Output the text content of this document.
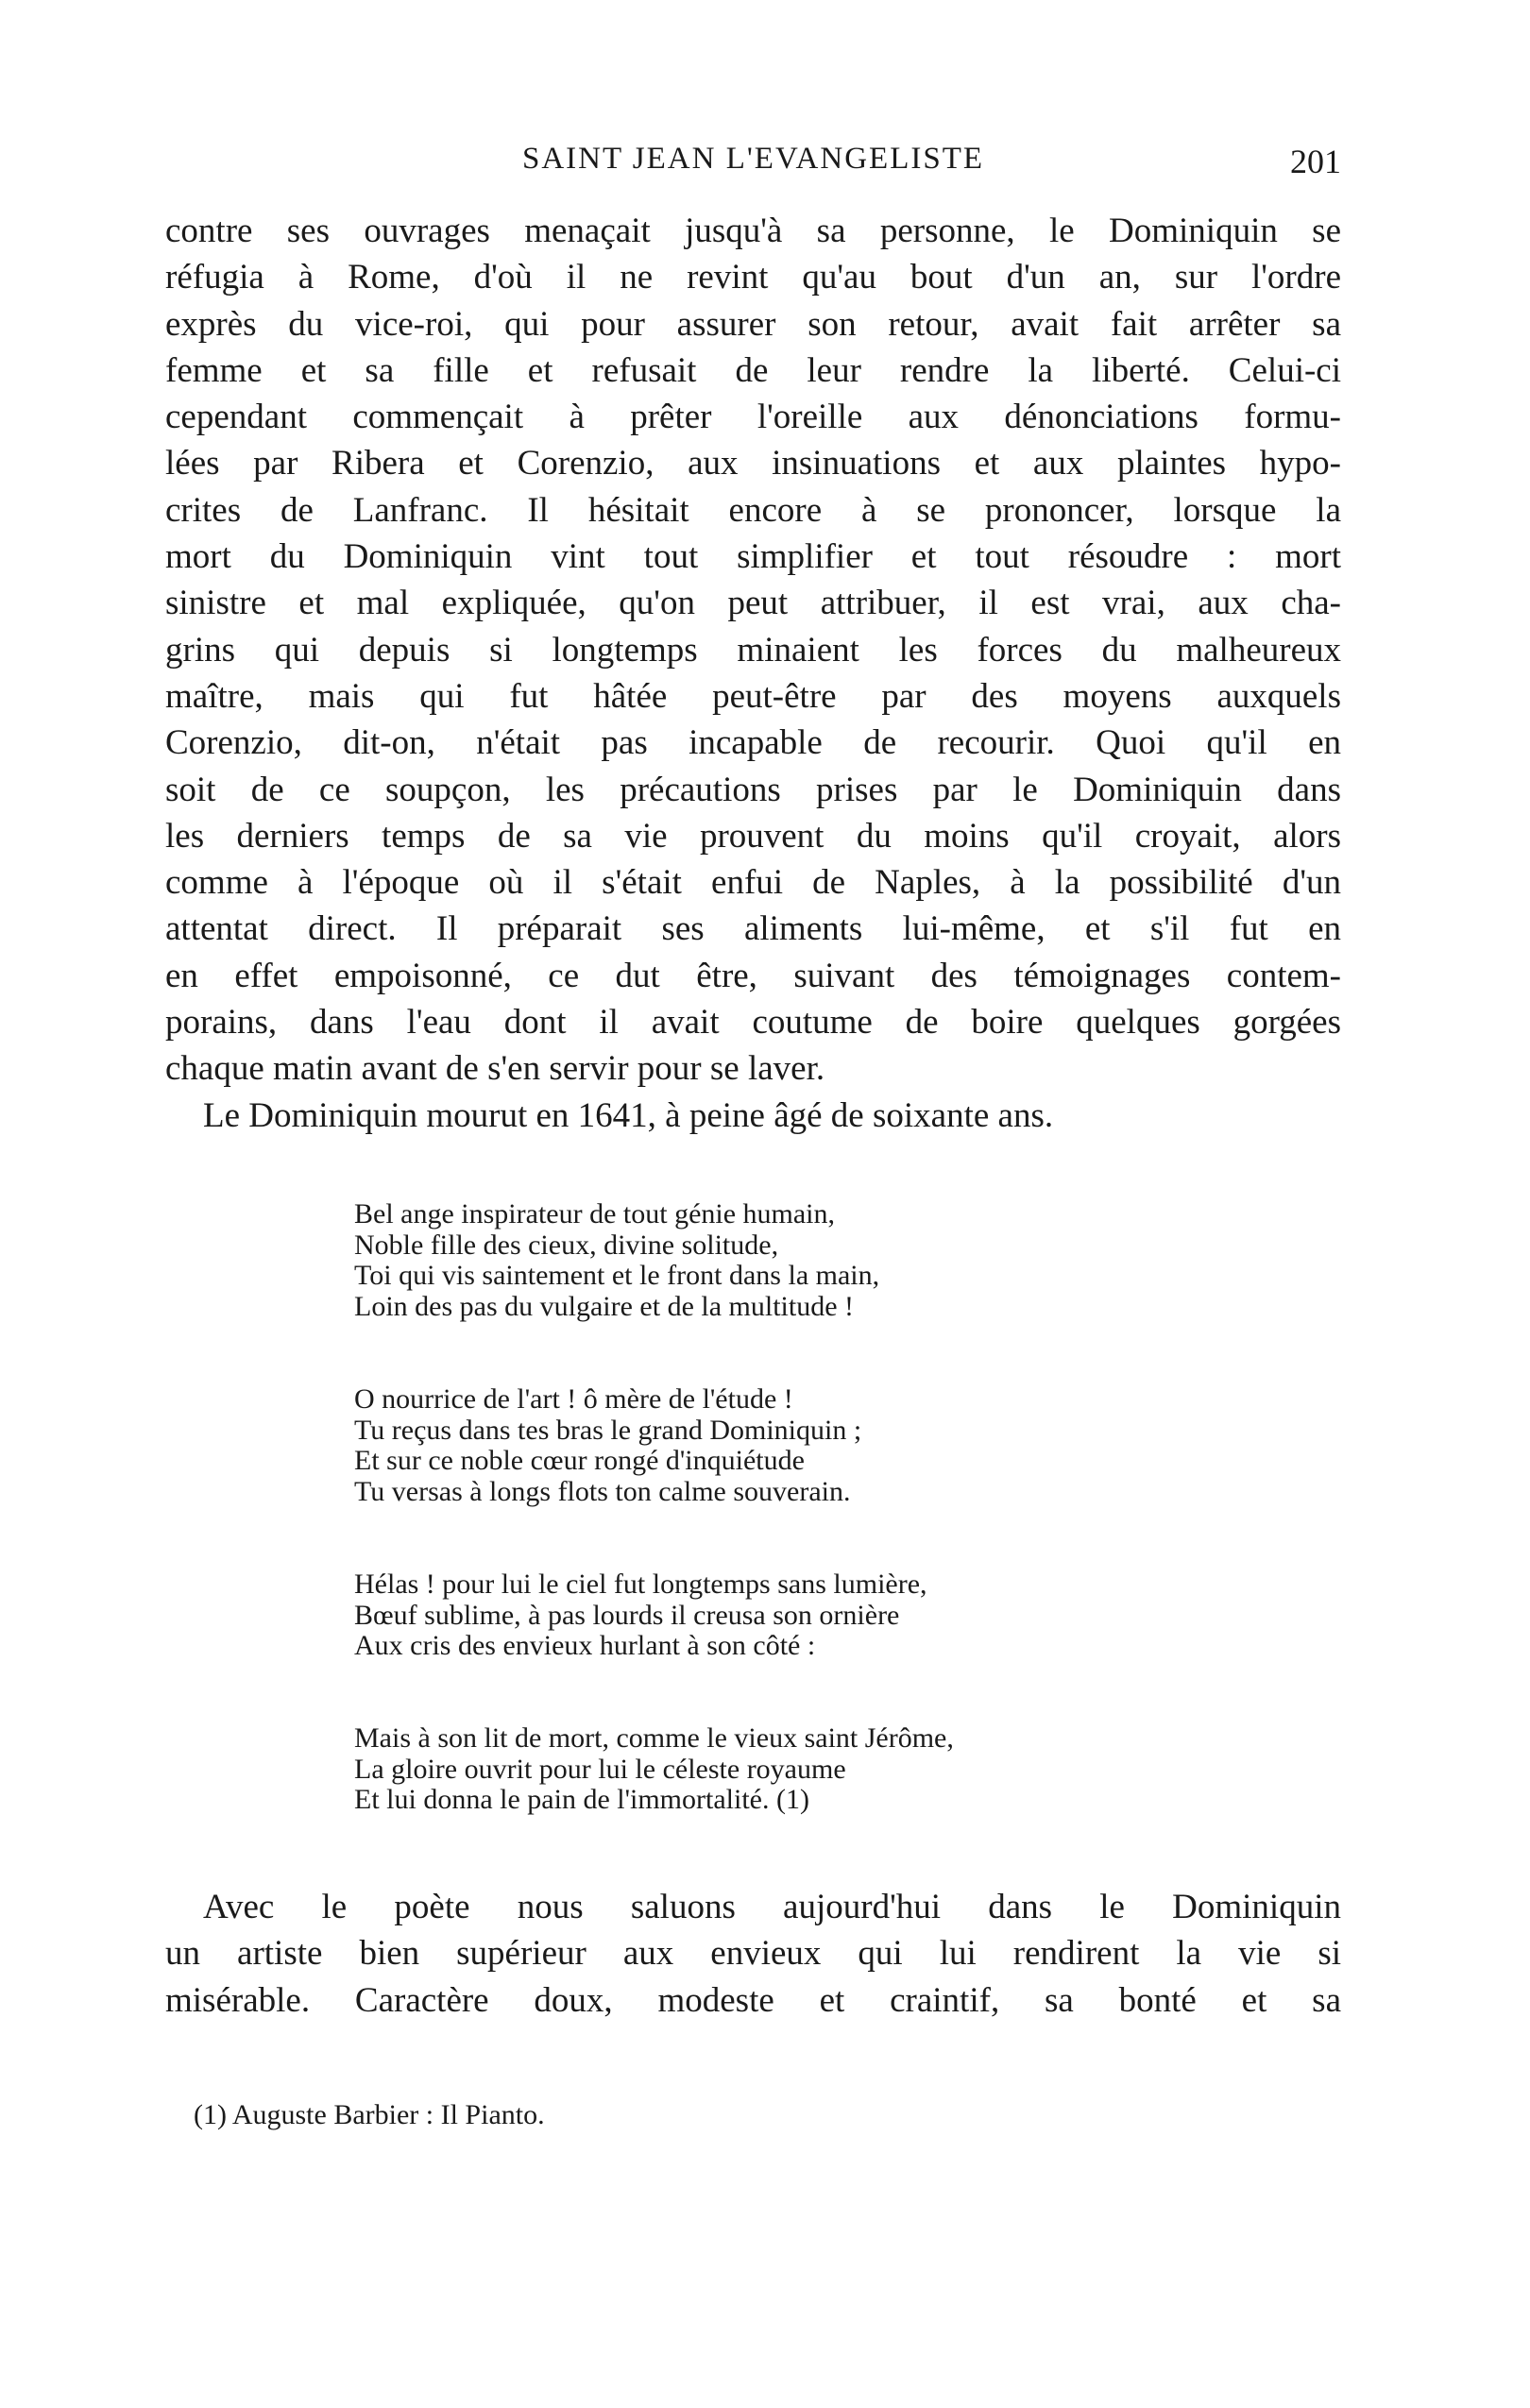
SAINT JEAN L'EVANGELISTE	201
contre ses ouvrages menaçait jusqu'à sa personne, le Dominiquin se
réfugia à Rome, d'où il ne revint qu'au bout d'un an, sur l'ordre
exprès du vice-roi, qui pour assurer son retour, avait fait arrêter sa
femme et sa fille et refusait de leur rendre la liberté. Celui-ci
cependant commençait à prêter l'oreille aux dénonciations formu-
lées par Ribera et Corenzio, aux insinuations et aux plaintes hypo-
crites de Lanfranc. Il hésitait encore à se prononcer, lorsque la
mort du Dominiquin vint tout simplifier et tout résoudre : mort
sinistre et mal expliquée, qu'on peut attribuer, il est vrai, aux cha-
grins qui depuis si longtemps minaient les forces du malheureux
maître, mais qui fut hâtée peut-être par des moyens auxquels
Corenzio, dit-on, n'était pas incapable de recourir. Quoi qu'il en
soit de ce soupçon, les précautions prises par le Dominiquin dans
les derniers temps de sa vie prouvent du moins qu'il croyait, alors
comme à l'époque où il s'était enfui de Naples, à la possibilité d'un
attentat direct. Il préparait ses aliments lui-même, et s'il fut en
en effet empoisonné, ce dut être, suivant des témoignages contem-
porains, dans l'eau dont il avait coutume de boire quelques gorgées
chaque matin avant de s'en servir pour se laver.
Le Dominiquin mourut en 1641, à peine âgé de soixante ans.
Bel ange inspirateur de tout génie humain,
Noble fille des cieux, divine solitude,
Toi qui vis saintement et le front dans la main,
Loin des pas du vulgaire et de la multitude !
O nourrice de l'art ! ô mère de l'étude !
Tu reçus dans tes bras le grand Dominiquin ;
Et sur ce noble cœur rongé d'inquiétude
Tu versas à longs flots ton calme souverain.
Hélas ! pour lui le ciel fut longtemps sans lumière,
Bœuf sublime, à pas lourds il creusa son ornière
Aux cris des envieux hurlant à son côté :
Mais à son lit de mort, comme le vieux saint Jérôme,
La gloire ouvrit pour lui le céleste royaume
Et lui donna le pain de l'immortalité. (1)
Avec le poète nous saluons aujourd'hui dans le Dominiquin
un artiste bien supérieur aux envieux qui lui rendirent la vie si
misérable. Caractère doux, modeste et craintif, sa bonté et sa
(1) Auguste Barbier : Il Pianto.
